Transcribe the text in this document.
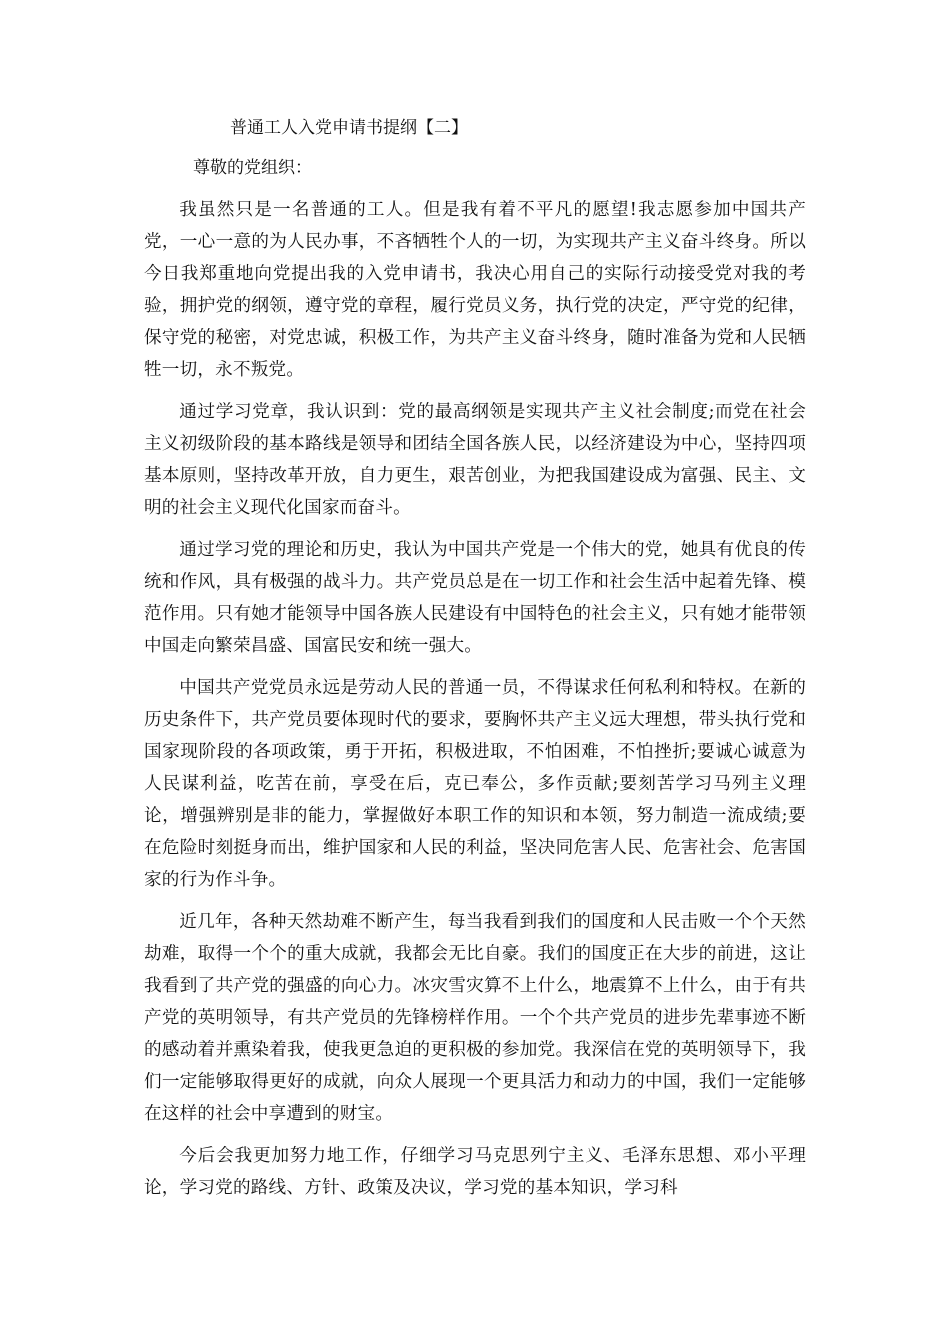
普通工人入党申请书提纲【二】
尊敬的党组织：

我虽然只是一名普通的工人。但是我有着不平凡的愿望!我志愿参加中国共产党，一心一意的为人民办事，不吝牺牲个人的一切，为实现共产主义奋斗终身。所以今日我郑重地向党提出我的入党申请书，我决心用自己的实际行动接受党对我的考验，拥护党的纲领，遵守党的章程，履行党员义务，执行党的决定，严守党的纪律，保守党的秘密，对党忠诚，积极工作，为共产主义奋斗终身，随时准备为党和人民牺牲一切，永不叛党。

通过学习党章，我认识到：党的最高纲领是实现共产主义社会制度;而党在社会主义初级阶段的基本路线是领导和团结全国各族人民，以经济建设为中心，坚持四项基本原则，坚持改革开放，自力更生，艰苦创业，为把我国建设成为富强、民主、文明的社会主义现代化国家而奋斗。

通过学习党的理论和历史，我认为中国共产党是一个伟大的党，她具有优良的传统和作风，具有极强的战斗力。共产党员总是在一切工作和社会生活中起着先锋、模范作用。只有她才能领导中国各族人民建设有中国特色的社会主义，只有她才能带领中国走向繁荣昌盛、国富民安和统一强大。

中国共产党党员永远是劳动人民的普通一员，不得谋求任何私利和特权。在新的历史条件下，共产党员要体现时代的要求，要胸怀共产主义远大理想，带头执行党和国家现阶段的各项政策，勇于开拓，积极进取，不怕困难，不怕挫折;要诚心诚意为人民谋利益，吃苦在前，享受在后，克已奉公，多作贡献;要刻苦学习马列主义理论，增强辨别是非的能力，掌握做好本职工作的知识和本领，努力制造一流成绩;要在危险时刻挺身而出，维护国家和人民的利益，坚决同危害人民、危害社会、危害国家的行为作斗争。

近几年，各种天然劫难不断产生，每当我看到我们的国度和人民击败一个个天然劫难，取得一个个的重大成就，我都会无比自豪。我们的国度正在大步的前进，这让我看到了共产党的强盛的向心力。冰灾雪灾算不上什么，地震算不上什么，由于有共产党的英明领导，有共产党员的先锋榜样作用。一个个共产党员的进步先辈事迹不断的感动着并熏染着我，使我更急迫的更积极的参加党。我深信在党的英明领导下，我们一定能够取得更好的成就，向众人展现一个更具活力和动力的中国，我们一定能够在这样的社会中享遭到的财宝。

今后会我更加努力地工作，仔细学习马克思列宁主义、毛泽东思想、邓小平理论，学习党的路线、方针、政策及决议，学习党的基本知识，学习科
